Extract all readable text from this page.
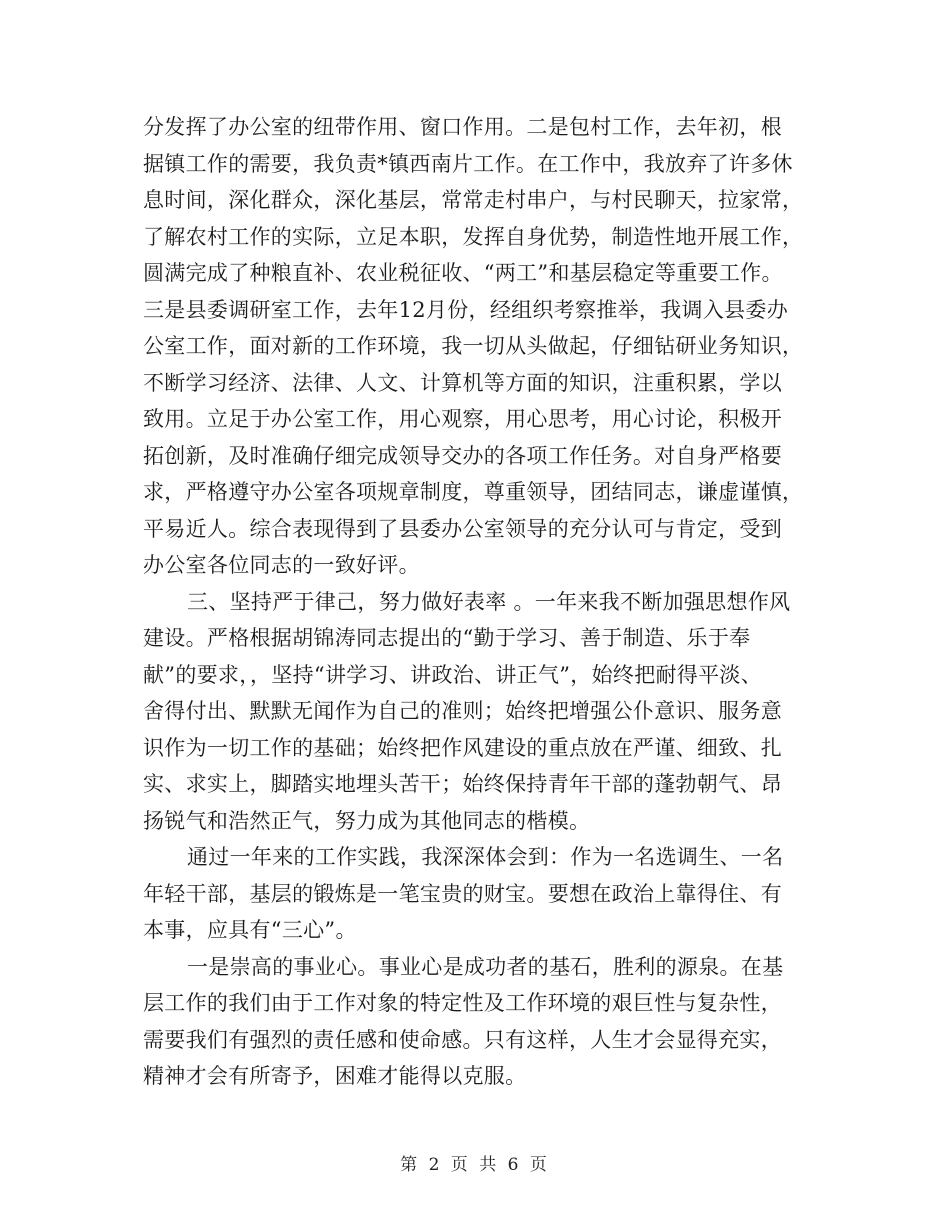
分发挥了办公室的纽带作用、窗口作用。二是包村工作，去年初，根
据镇工作的需要，我负责*镇西南片工作。在工作中，我放弃了许多休
息时间，深化群众，深化基层，常常走村串户，与村民聊天，拉家常，
了解农村工作的实际，立足本职，发挥自身优势，制造性地开展工作，
圆满完成了种粮直补、农业税征收、“两工”和基层稳定等重要工作。
三是县委调研室工作，去年12月份，经组织考察推举，我调入县委办
公室工作，面对新的工作环境，我一切从头做起，仔细钻研业务知识，
不断学习经济、法律、人文、计算机等方面的知识，注重积累，学以
致用。立足于办公室工作，用心观察，用心思考，用心讨论，积极开
拓创新，及时准确仔细完成领导交办的各项工作任务。对自身严格要
求，严格遵守办公室各项规章制度，尊重领导，团结同志，谦虚谨慎，
平易近人。综合表现得到了县委办公室领导的充分认可与肯定，受到
办公室各位同志的一致好评。
三、坚持严于律己，努力做好表率 。一年来我不断加强思想作风
建设。严格根据胡锦涛同志提出的“勤于学习、善于制造、乐于奉
献”的要求，，坚持“讲学习、讲政治、讲正气”，始终把耐得平淡、
舍得付出、默默无闻作为自己的准则；始终把增强公仆意识、服务意
识作为一切工作的基础；始终把作风建设的重点放在严谨、细致、扎
实、求实上，脚踏实地埋头苦干；始终保持青年干部的蓬勃朝气、昂
扬锐气和浩然正气，努力成为其他同志的楷模。
通过一年来的工作实践，我深深体会到：作为一名选调生、一名
年轻干部，基层的锻炼是一笔宝贵的财宝。要想在政治上靠得住、有
本事，应具有“三心”。
一是崇高的事业心。事业心是成功者的基石，胜利的源泉。在基
层工作的我们由于工作对象的特定性及工作环境的艰巨性与复杂性，
需要我们有强烈的责任感和使命感。只有这样，人生才会显得充实，
精神才会有所寄予，困难才能得以克服。
第 2 页 共 6 页
